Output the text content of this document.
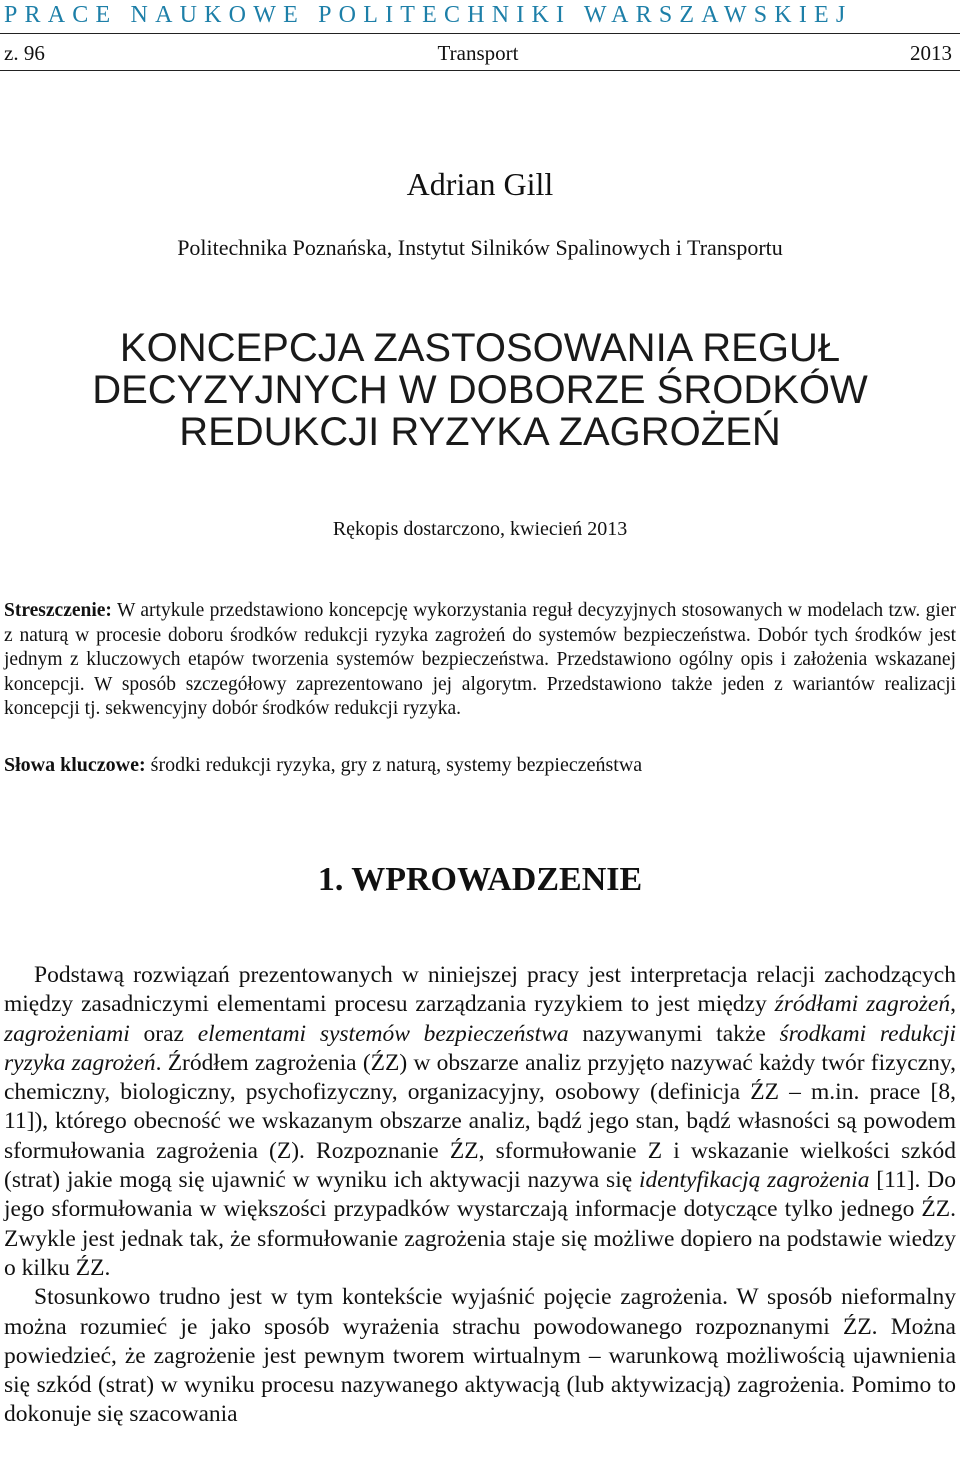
PRACE NAUKOWE POLITECHNIKI WARSZAWSKIEJ
z. 96	Transport	2013
Adrian Gill
Politechnika Poznańska, Instytut Silników Spalinowych i Transportu
KONCEPCJA ZASTOSOWANIA REGUŁ
DECYZYJNYCH W DOBORZE ŚRODKÓW
REDUKCJI RYZYKA ZAGROŻEŃ
Rękopis dostarczono, kwiecień 2013
Streszczenie: W artykule przedstawiono koncepcję wykorzystania reguł decyzyjnych stosowanych w modelach tzw. gier z naturą w procesie doboru środków redukcji ryzyka zagrożeń do systemów bezpieczeństwa. Dobór tych środków jest jednym z kluczowych etapów tworzenia systemów bezpieczeństwa. Przedstawiono ogólny opis i założenia wskazanej koncepcji. W sposób szczegółowy zaprezentowano jej algorytm. Przedstawiono także jeden z wariantów realizacji koncepcji tj. sekwencyjny dobór środków redukcji ryzyka.
Słowa kluczowe: środki redukcji ryzyka, gry z naturą, systemy bezpieczeństwa
1. WPROWADZENIE

Podstawą rozwiązań prezentowanych w niniejszej pracy jest interpretacja relacji zachodzących między zasadniczymi elementami procesu zarządzania ryzykiem to jest między źródłami zagrożeń, zagrożeniami oraz elementami systemów bezpieczeństwa nazywanymi także środkami redukcji ryzyka zagrożeń. Źródłem zagrożenia (ŹZ) w obszarze analiz przyjęto nazywać każdy twór fizyczny, chemiczny, biologiczny, psychofizyczny, organizacyjny, osobowy (definicja ŹZ – m.in. prace [8, 11]), którego obecność we wskazanym obszarze analiz, bądź jego stan, bądź własności są powodem sformułowania zagrożenia (Z). Rozpoznanie ŹZ, sformułowanie Z i wskazanie wielkości szkód (strat) jakie mogą się ujawnić w wyniku ich aktywacji nazywa się identyfikacją zagrożenia [11]. Do jego sformułowania w większości przypadków wystarczają informacje dotyczące tylko jednego ŹZ. Zwykle jest jednak tak, że sformułowanie zagrożenia staje się możliwe dopiero na podstawie wiedzy o kilku ŹZ.

Stosunkowo trudno jest w tym kontekście wyjaśnić pojęcie zagrożenia. W sposób nieformalny można rozumieć je jako sposób wyrażenia strachu powodowanego rozpoznanymi ŹZ. Można powiedzieć, że zagrożenie jest pewnym tworem wirtualnym – warunkową możliwością ujawnienia się szkód (strat) w wyniku procesu nazywanego aktywacją (lub aktywizacją) zagrożenia. Pomimo to dokonuje się szacowania
